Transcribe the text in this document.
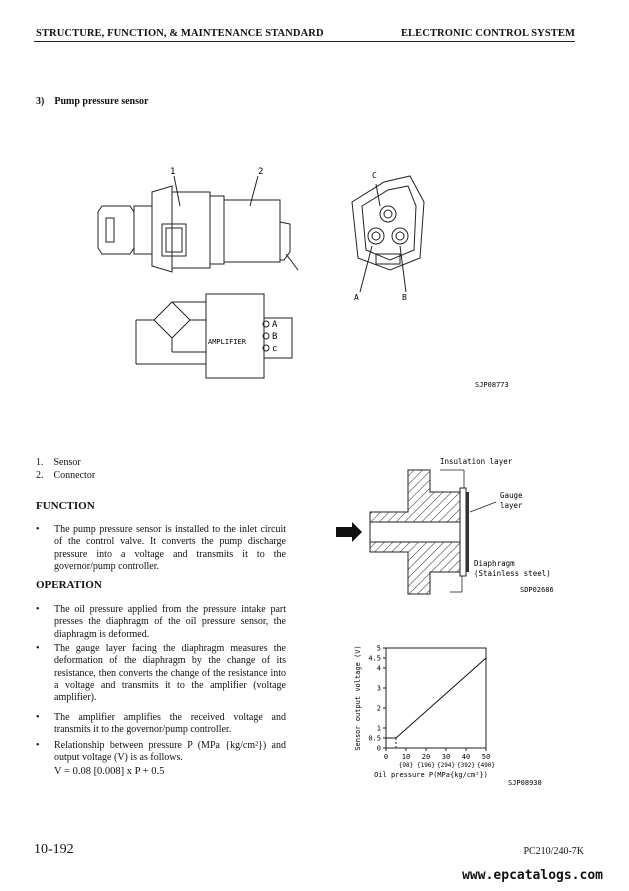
STRUCTURE, FUNCTION, & MAINTENANCE STANDARD	ELECTRONIC CONTROL SYSTEM
3) Pump pressure sensor
1	2
AMPLIFIER
A
B
c
C
A	B
SJP08773
1. Sensor
2. Connector
FUNCTION
• The pump pressure sensor is installed to the inlet circuit of the control valve. It converts the pump discharge pressure into a voltage and transmits it to the governor/pump controller.
OPERATION
• The oil pressure applied from the pressure intake part presses the diaphragm of the oil pressure sensor, the diaphragm is deformed.
• The gauge layer facing the diaphragm measures the deformation of the diaphragm by the change of its resistance, then converts the change of the resistance into a voltage and transmits it to the amplifier (voltage amplifier).
• The amplifier amplifies the received voltage and transmits it to the governor/pump controller.
• Relationship between pressure P (MPa {kg/cm²}) and output voltage (V) is as follows.
V = 0.08 [0.008] x P + 0.5
Insulation layer
Gauge
layer
Diaphragm
(Stainless steel)
SDP02686
0 10 20 30 40 50
{98} {196} {294} {392} {490}
0
0.5
1
2
3
4
4.5
5
Oil pressure P(MPa{kg/cm²})
Sensor output voltage (V)
SJP08930
10-192	PC210/240-7K
www.epcatalogs.com
